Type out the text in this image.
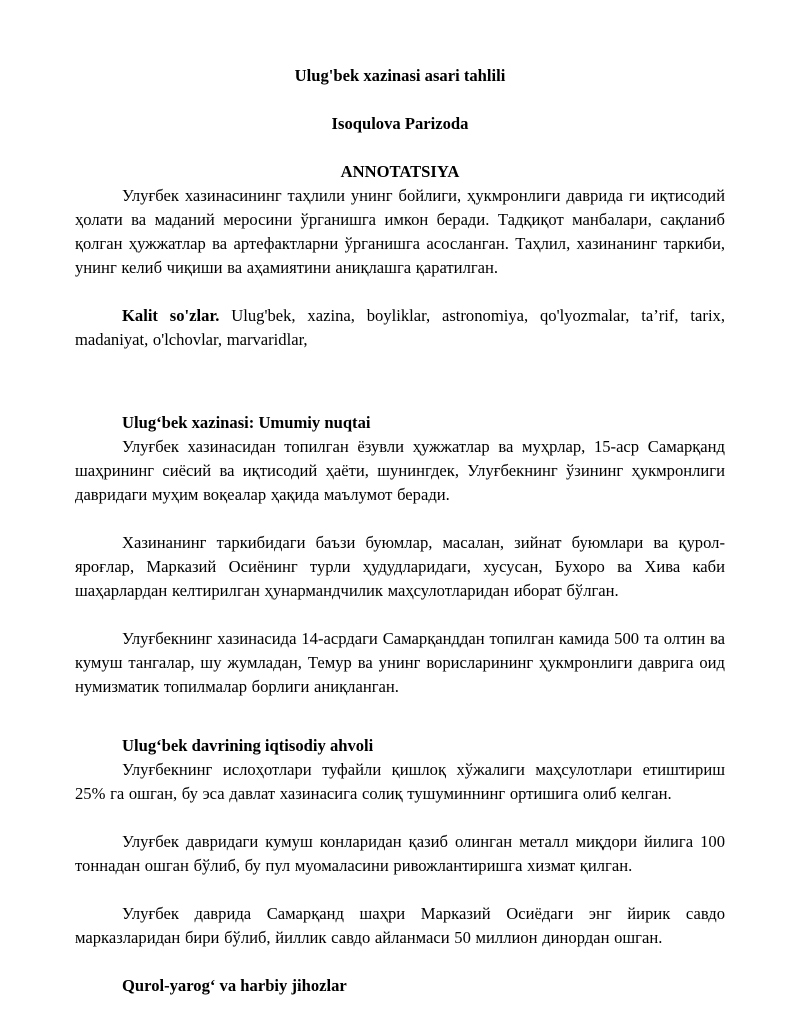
Ulug'bek xazinasi asari tahlili

Isoqulova Parizoda

ANNOTATSIYA

Улуғбек хазинасининг таҳлили унинг бойлиги, ҳукмронлиги даврида ги иқтисодий ҳолати ва маданий меросини ўрганишга имкон беради. Тадқиқот манбалари, сақланиб қолган ҳужжатлар ва артефактларни ўрганишга асосланган. Таҳлил, хазинанинг таркиби, унинг келиб чиқиши ва аҳамиятини аниқлашга қаратилган.

Kalit so'zlar. Ulug'bek, xazina, boyliklar, astronomiya, qo'lyozmalar, ta’rif, tarix, madaniyat, o'lchovlar, marvaridlar,

Ulugʻbek xazinasi: Umumiy nuqtai

Улуғбек хазинасидан топилган ёзувли ҳужжатлар ва муҳрлар, 15-аср Самарқанд шаҳрининг сиёсий ва иқтисодий ҳаёти, шунингдек, Улуғбекнинг ўзининг ҳукмронлиги давридаги муҳим воқеалар ҳақида маълумот беради.

Хазинанинг таркибидаги баъзи буюмлар, масалан, зийнат буюмлари ва қурол-яроғлар, Марказий Осиёнинг турли ҳудудларидаги, хусусан, Бухоро ва Хива каби шаҳарлардан келтирилган ҳунармандчилик маҳсулотларидан иборат бўлган.

Улуғбекнинг хазинасида 14-асрдаги Самарқанддан топилган камида 500 та олтин ва кумуш тангалар, шу жумладан, Темур ва унинг ворисларининг ҳукмронлиги даврига оид нумизматик топилмалар борлиги аниқланган.

Ulugʻbek davrining iqtisodiy ahvoli

Улуғбекнинг ислоҳотлари туфайли қишлоқ хўжалиги маҳсулотлари етиштириш 25% га ошган, бу эса давлат хазинасига солиқ тушуминнинг ортишига олиб келган.

Улуғбек давридаги кумуш конларидан қазиб олинган металл миқдори йилига 100 тоннадан ошган бўлиб, бу пул муомаласини ривожлантиришга хизмат қилган.

Улуғбек даврида Самарқанд шаҳри Марказий Осиёдаги энг йирик савдо марказларидан бири бўлиб, йиллик савдо айланмаси 50 миллион динордан ошган.

Qurol-yarogʻ va harbiy jihozlar
